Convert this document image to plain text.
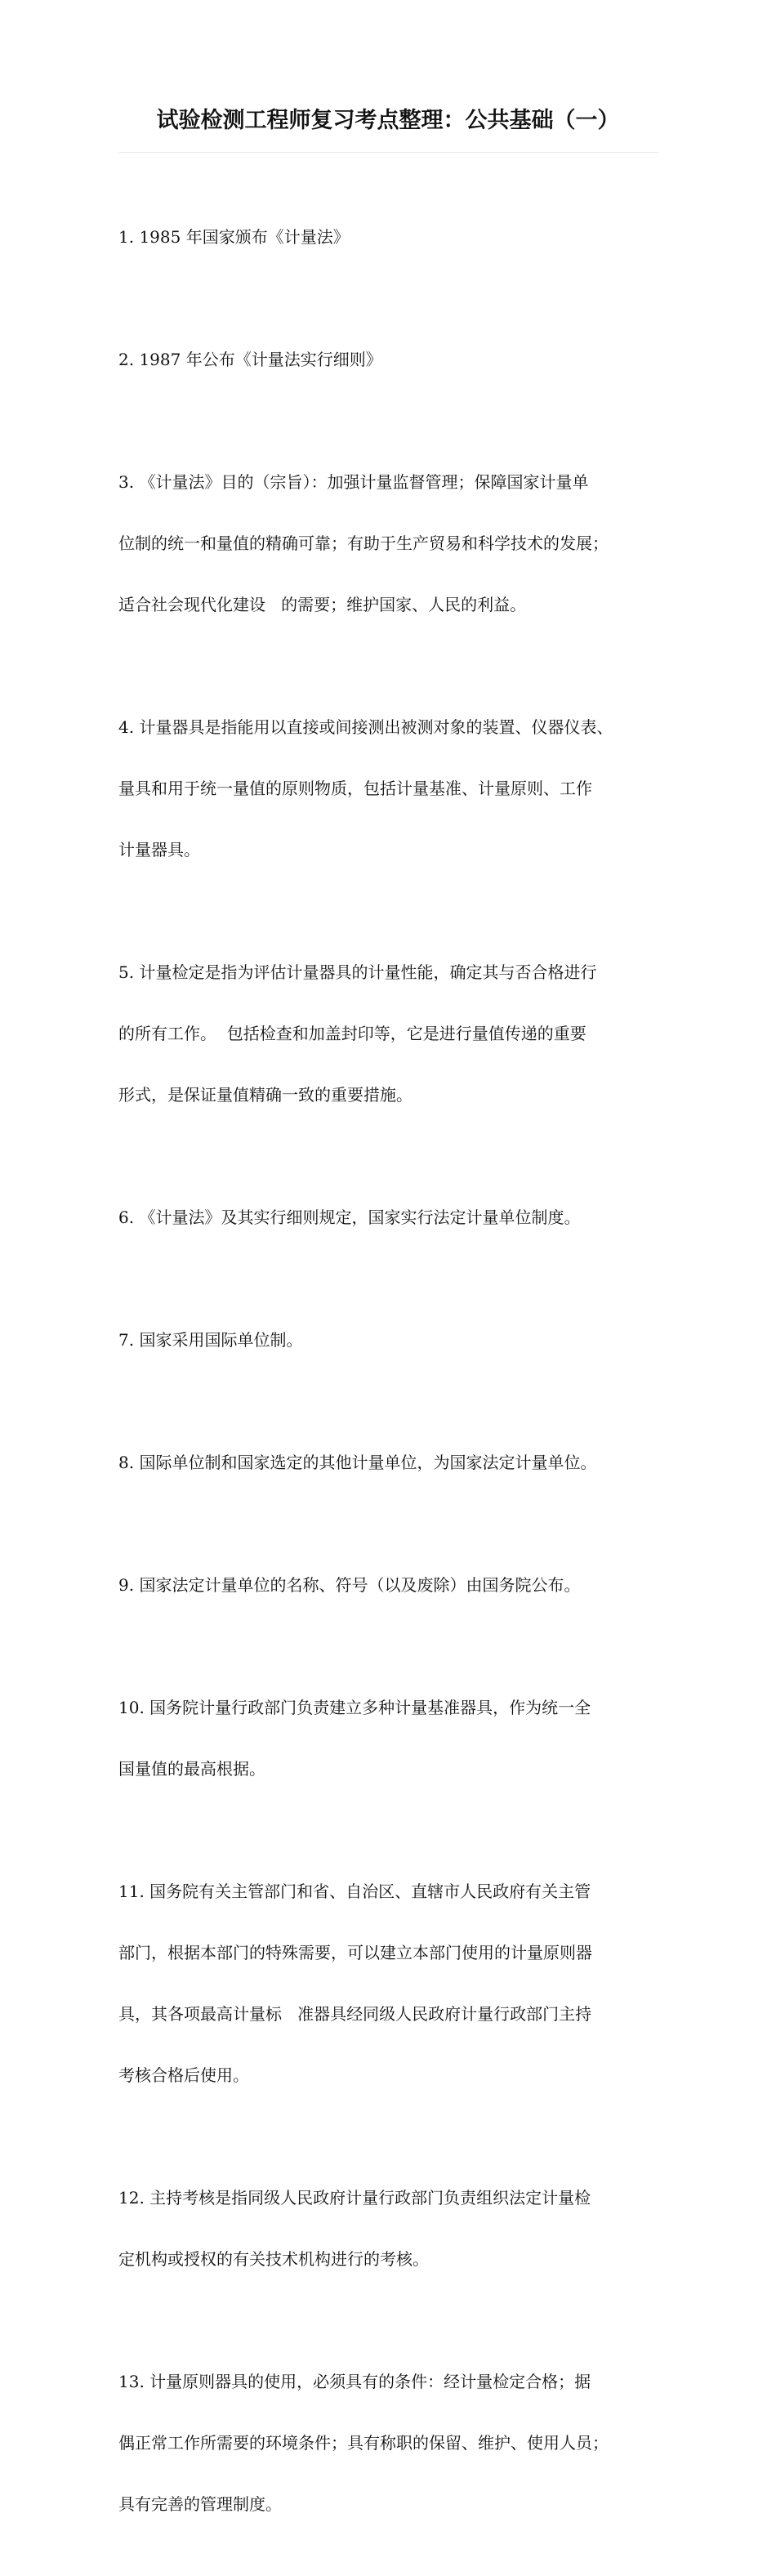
试验检测工程师复习考点整理：公共基础（一）

1. 1985 年国家颁布《计量法》

2. 1987 年公布《计量法实行细则》

3. 《计量法》目的（宗旨）：加强计量监督管理；保障国家计量单

位制的统一和量值的精确可靠；有助于生产贸易和科学技术的发展；

适合社会现代化建设   的需要；维护国家、人民的利益。

4. 计量器具是指能用以直接或间接测出被测对象的装置、仪器仪表、

量具和用于统一量值的原则物质，包括计量基准、计量原则、工作

计量器具。

5. 计量检定是指为评估计量器具的计量性能，确定其与否合格进行

的所有工作。  包括检查和加盖封印等，它是进行量值传递的重要

形式，是保证量值精确一致的重要措施。

6. 《计量法》及其实行细则规定，国家实行法定计量单位制度。

7. 国家采用国际单位制。

8. 国际单位制和国家选定的其他计量单位，为国家法定计量单位。

9. 国家法定计量单位的名称、符号（以及废除）由国务院公布。

10. 国务院计量行政部门负责建立多种计量基准器具，作为统一全

国量值的最高根据。

11. 国务院有关主管部门和省、自治区、直辖市人民政府有关主管

部门，根据本部门的特殊需要，可以建立本部门使用的计量原则器

具，其各项最高计量标   准器具经同级人民政府计量行政部门主持

考核合格后使用。

12. 主持考核是指同级人民政府计量行政部门负责组织法定计量检

定机构或授权的有关技术机构进行的考核。

13. 计量原则器具的使用，必须具有的条件：经计量检定合格；据

偶正常工作所需要的环境条件；具有称职的保留、维护、使用人员；

具有完善的管理制度。
